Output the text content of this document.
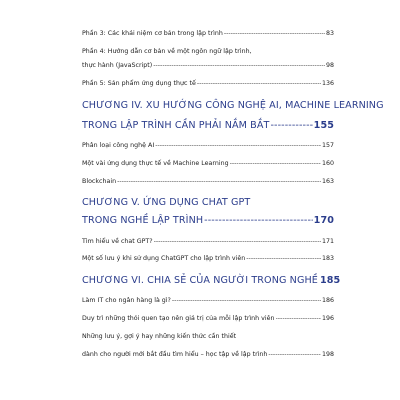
Phần 3: Các khái niệm cơ bản trong lập trình -----	83
Phần 4: Hướng dẫn cơ bản về một ngôn ngữ lập trình,
thực hành (JavaScript) -----	98
Phần 5: Sản phẩm ứng dụng thực tế -----	136
CHƯƠNG IV. XU HƯỚNG CÔNG NGHỆ AI, MACHINE LEARNING
TRONG LẬP TRÌNH CẦN PHẢI NẮM BẮT -----	155
Phân loại công nghệ AI -----	157
Một vài ứng dụng thực tế về Machine Learning -----	160
Blockchain -----	163
CHƯƠNG V. ỨNG DỤNG CHAT GPT
TRONG NGHỀ LẬP TRÌNH -----	170
Tìm hiểu về chat GPT? -----	171
Một số lưu ý khi sử dụng ChatGPT cho lập trình viên -----	183
CHƯƠNG VI. CHIA SẺ CỦA NGƯỜI TRONG NGHỀ 185
Làm IT cho ngân hàng là gì? -----	186
Duy trì những thói quen tạo nên giá trị của mỗi lập trình viên -----	196
Những lưu ý, gợi ý hay những kiến thức cần thiết
dành cho người mới bắt đầu tìm hiểu – học tập về lập trình -----	198
